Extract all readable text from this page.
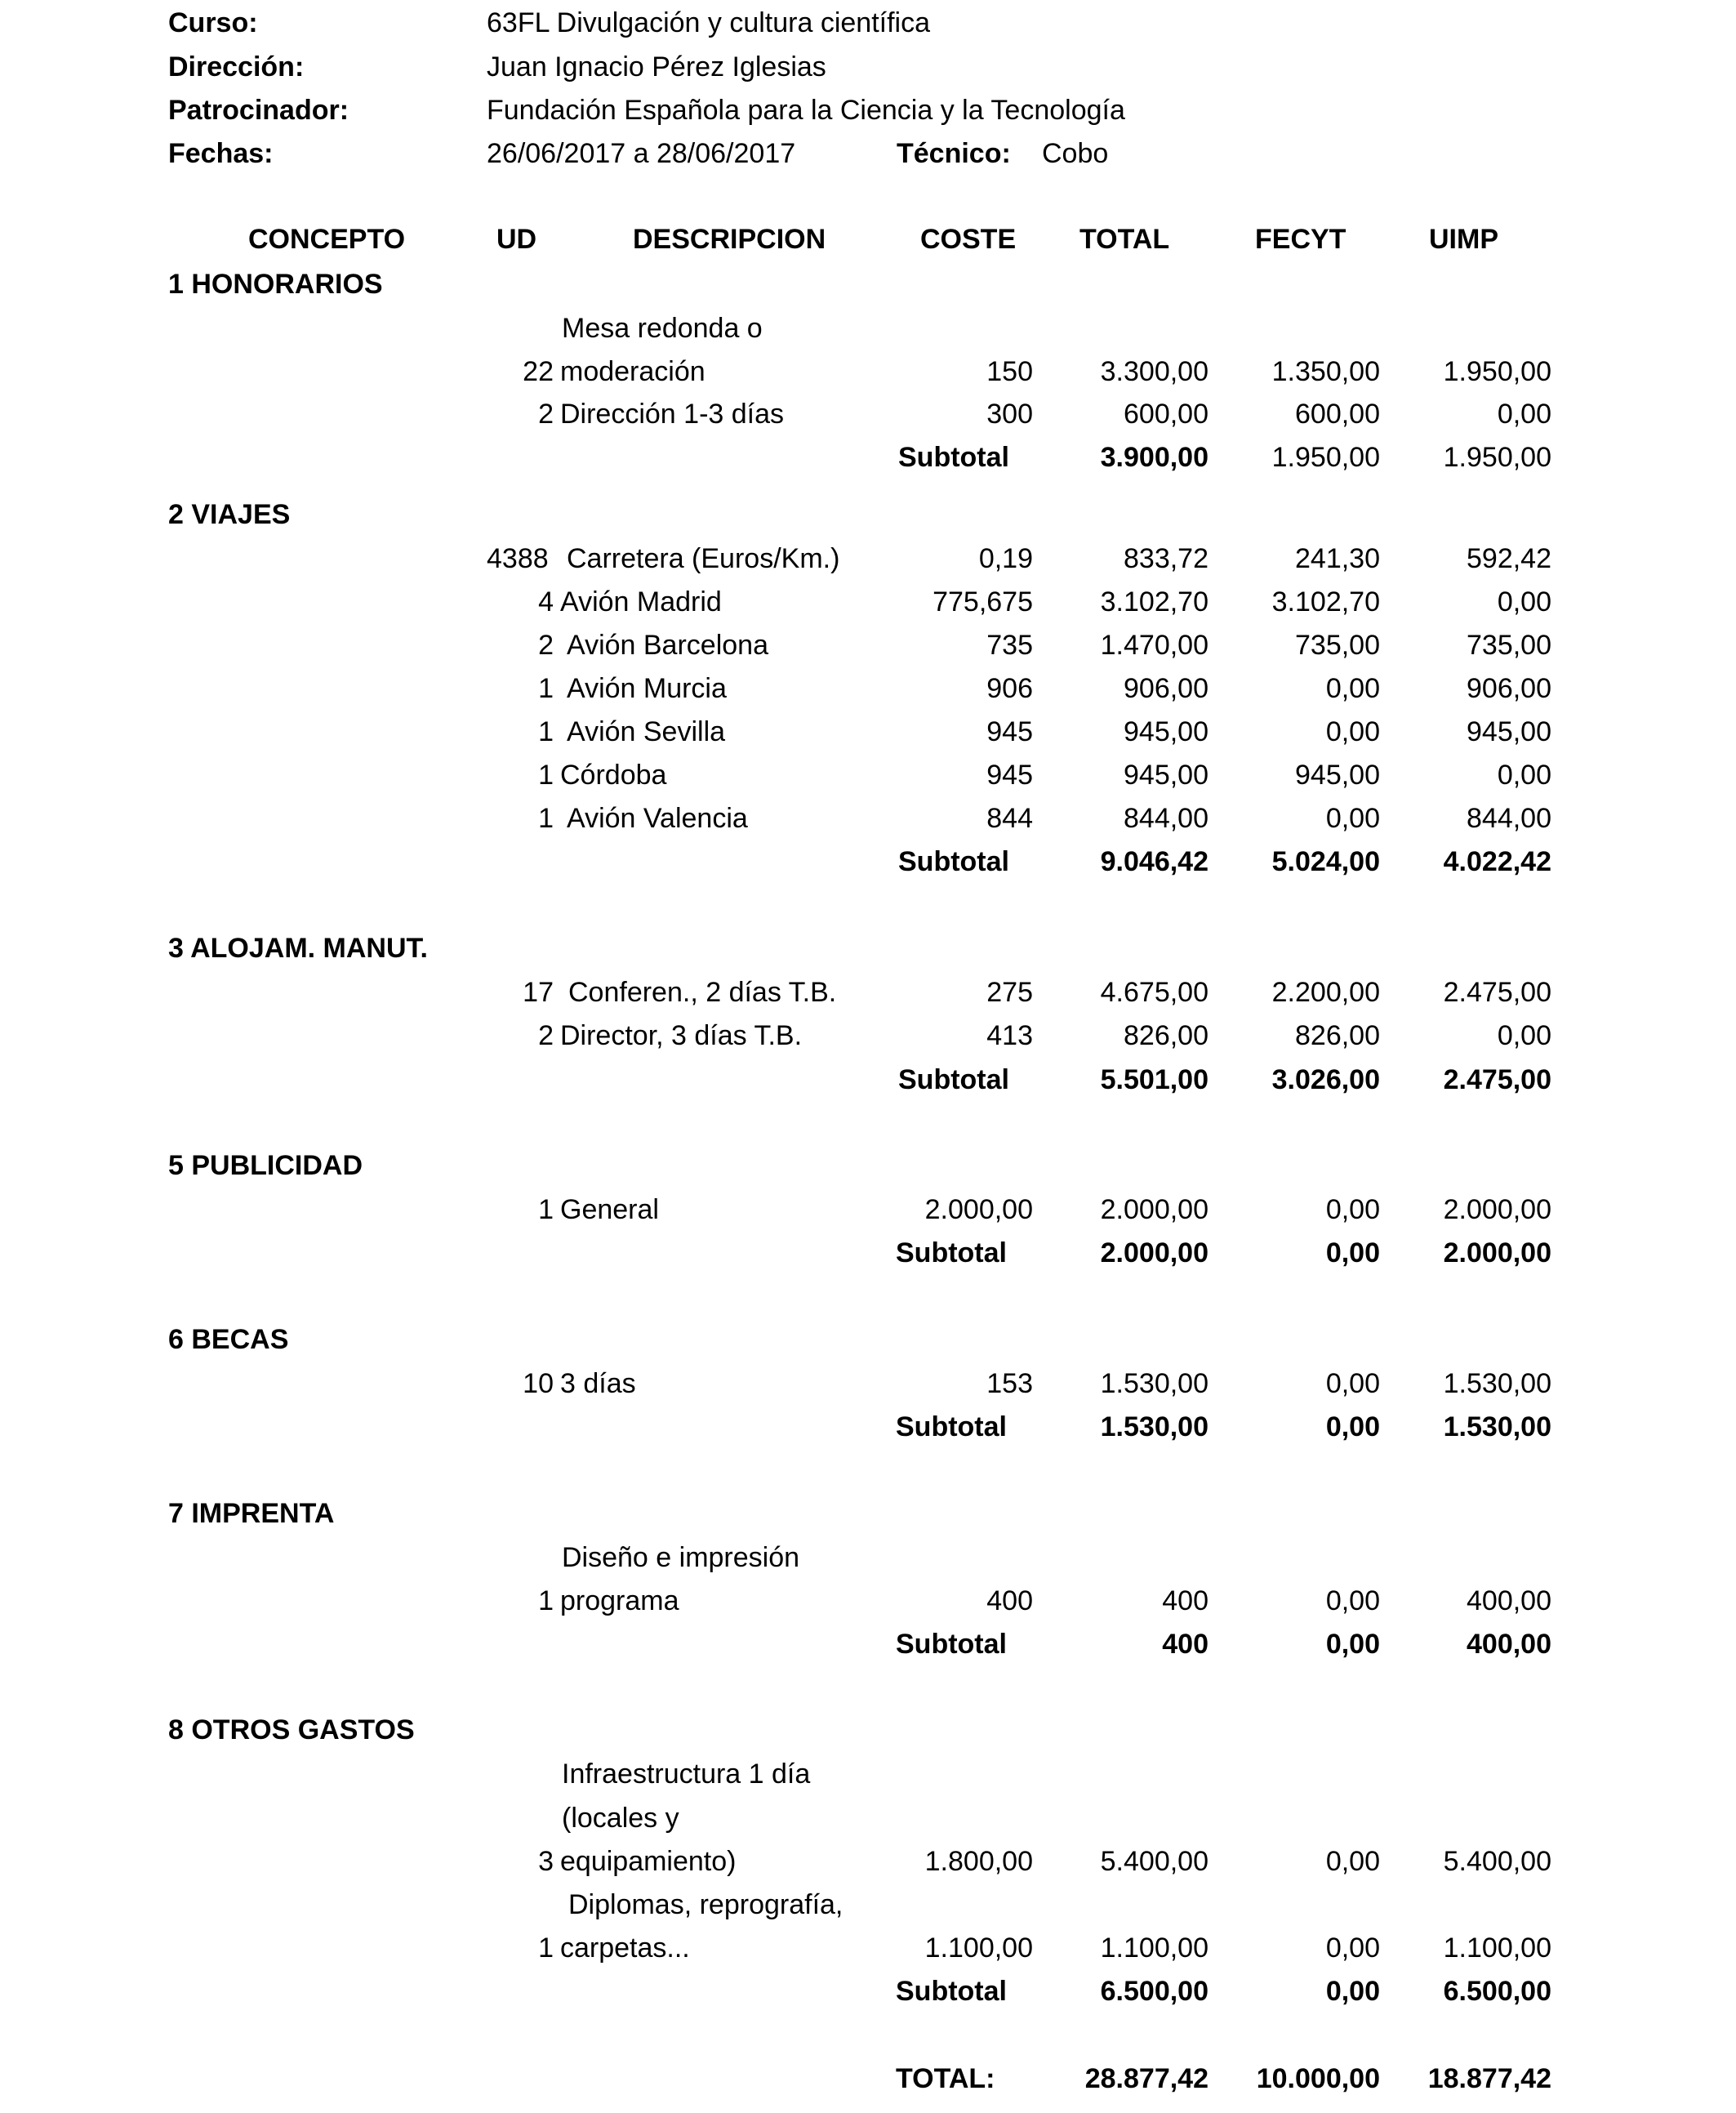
Curso:	63FL Divulgación y cultura científica
Dirección:	Juan Ignacio Pérez Iglesias
Patrocinador:	Fundación Española para la Ciencia y la Tecnología
Fechas:	26/06/2017 a 28/06/2017	Técnico: Cobo
CONCEPTO	UD	DESCRIPCION	COSTE TOTAL	FECYT	UIMP
1 HONORARIOS
Mesa redonda o
22 moderación	150	3.300,00	1.350,00	1.950,00
2 Dirección 1-3 días	300	600,00	600,00	0,00
Subtotal	3.900,00	1.950,00	1.950,00
2 VIAJES
4388 Carretera (Euros/Km.)	0,19	833,72	241,30	592,42
4 Avión Madrid	775,675	3.102,70	3.102,70	0,00
2 Avión Barcelona	735	1.470,00	735,00	735,00
1 Avión Murcia	906	906,00	0,00	906,00
1 Avión Sevilla	945	945,00	0,00	945,00
1 Córdoba	945	945,00	945,00	0,00
1 Avión Valencia	844	844,00	0,00	844,00
Subtotal	9.046,42	5.024,00	4.022,42
3 ALOJAM. MANUT.
17 Conferen., 2 días T.B.	275	4.675,00	2.200,00	2.475,00
2 Director, 3 días T.B.	413	826,00	826,00	0,00
Subtotal	5.501,00	3.026,00	2.475,00
5 PUBLICIDAD
1 General	2.000,00	2.000,00	0,00	2.000,00
Subtotal	2.000,00	0,00	2.000,00
6 BECAS
10 3 días	153	1.530,00	0,00	1.530,00
Subtotal	1.530,00	0,00	1.530,00
7 IMPRENTA
Diseño e impresión
1 programa	400	400	0,00	400,00
Subtotal	400	0,00	400,00
8 OTROS GASTOS
Infraestructura 1 día
(locales y
3 equipamiento)	1.800,00	5.400,00	0,00	5.400,00
Diplomas, reprografía,
1 carpetas...	1.100,00	1.100,00	0,00	1.100,00
Subtotal	6.500,00	0,00	6.500,00
TOTAL:	28.877,42	10.000,00	18.877,42
